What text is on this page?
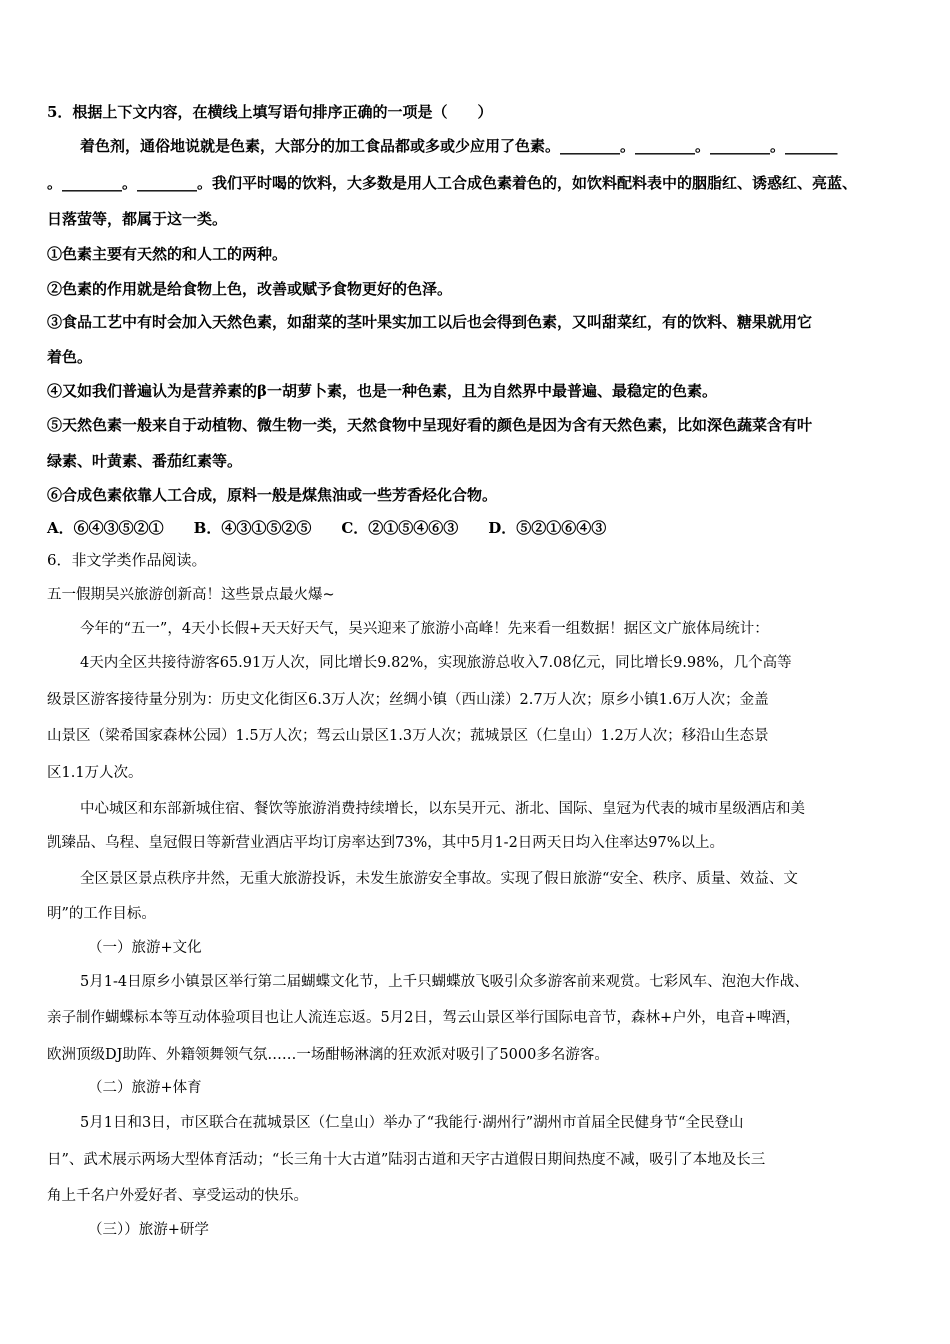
5．根据上下文内容，在横线上填写语句排序正确的一项是（　　）
着色剂，通俗地说就是色素，大部分的加工食品都或多或少应用了色素。________。________。________。_______
。________。________。我们平时喝的饮料，大多数是用人工合成色素着色的，如饮料配料表中的胭脂红、诱惑红、亮蓝、
日落萤等，都属于这一类。
①色素主要有天然的和人工的两种。
②色素的作用就是给食物上色，改善或赋予食物更好的色泽。
③食品工艺中有时会加入天然色素，如甜菜的茎叶果实加工以后也会得到色素，又叫甜菜红，有的饮料、糖果就用它
着色。
④又如我们普遍认为是营养素的β一胡萝卜素，也是一种色素，且为自然界中最普遍、最稳定的色素。
⑤天然色素一般来自于动植物、微生物一类，天然食物中呈现好看的颜色是因为含有天然色素，比如深色蔬菜含有叶
绿素、叶黄素、番茄红素等。
⑥合成色素依靠人工合成，原料一般是煤焦油或一些芳香烃化合物。
A．⑥④③⑤②①　　B．④③①⑤②⑤　　C．②①⑤④⑥③　　D．⑤②①⑥④③
6．非文学类作品阅读。
五一假期吴兴旅游创新高！这些景点最火爆~
今年的“五一”，4天小长假+天天好天气，吴兴迎来了旅游小高峰！先来看一组数据！据区文广旅体局统计：
4天内全区共接待游客65.91万人次，同比增长9.82%，实现旅游总收入7.08亿元，同比增长9.98%，几个高等
级景区游客接待量分别为：历史文化街区6.3万人次；丝绸小镇（西山漾）2.7万人次；原乡小镇1.6万人次；金盖
山景区（梁希国家森林公园）1.5万人次；驾云山景区1.3万人次；菰城景区（仁皇山）1.2万人次；移沿山生态景
区1.1万人次。
中心城区和东部新城住宿、餐饮等旅游消费持续增长，以东吴开元、浙北、国际、皇冠为代表的城市星级酒店和美
凯臻品、乌程、皇冠假日等新营业酒店平均订房率达到73%，其中5月1-2日两天日均入住率达97%以上。
全区景区景点秩序井然，无重大旅游投诉，未发生旅游安全事故。实现了假日旅游“安全、秩序、质量、效益、文
明”的工作目标。
（一）旅游+文化
5月1-4日原乡小镇景区举行第二届蝴蝶文化节，上千只蝴蝶放飞吸引众多游客前来观赏。七彩风车、泡泡大作战、
亲子制作蝴蝶标本等互动体验项目也让人流连忘返。5月2日，驾云山景区举行国际电音节，森林+户外，电音+啤酒，
欧洲顶级DJ助阵、外籍领舞领气氛……一场酣畅淋漓的狂欢派对吸引了5000多名游客。
（二）旅游+体育
5月1日和3日，市区联合在菰城景区（仁皇山）举办了“我能行·湖州行”湖州市首届全民健身节“全民登山
日”、武术展示两场大型体育活动；“长三角十大古道”陆羽古道和天字古道假日期间热度不减，吸引了本地及长三
角上千名户外爱好者、享受运动的快乐。
（三））旅游+研学
